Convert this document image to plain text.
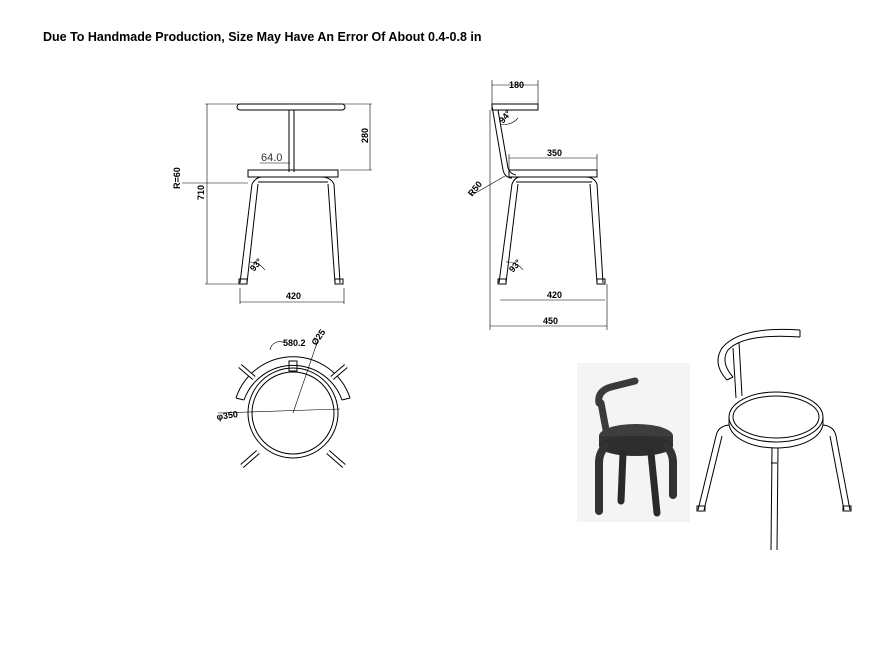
Due To Handmade Production, Size May Have An Error Of About 0.4-0.8 in
710
280
64.0
R=60
93°
420
180
94°
350
R50
93°
420
450
580.2 Ø25
φ350
